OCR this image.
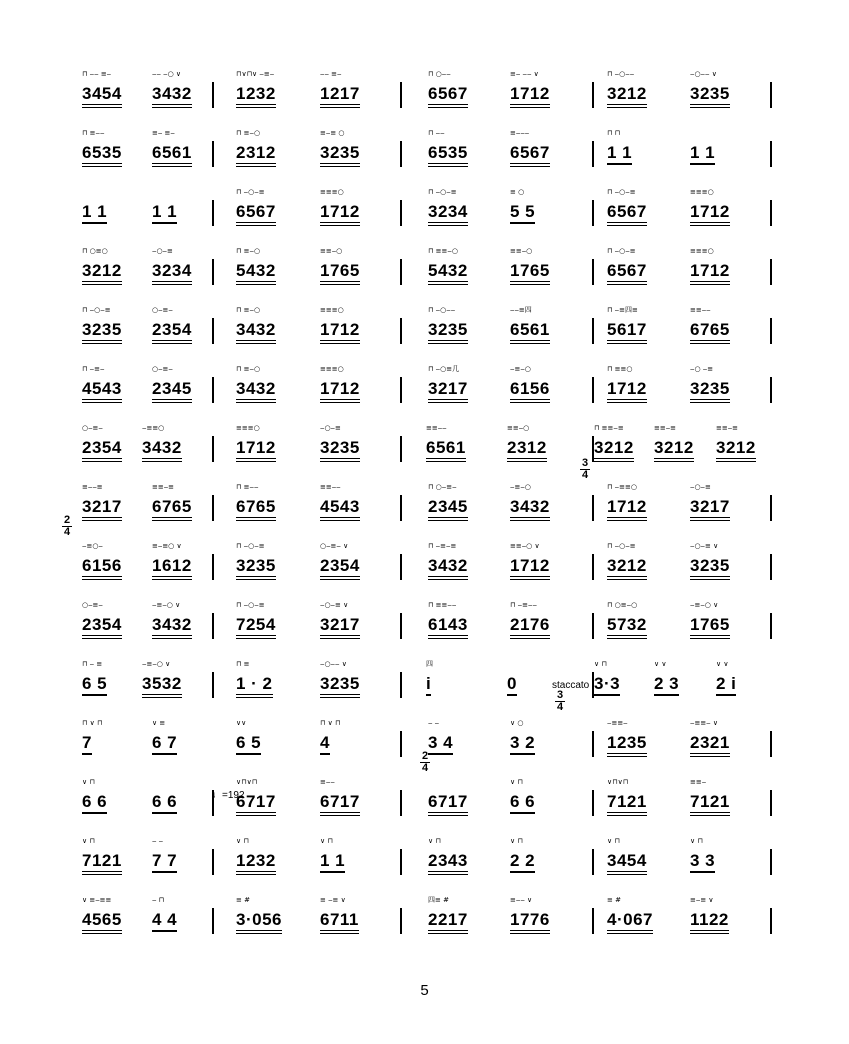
⊓ ‒‒ ≡‒
3454
‒‒ ‒○ ∨
3432
⊓∨⊓∨ ‒≡‒
1232
‒‒ ≡‒
1217
⊓ ○‒‒
6567
≡‒ ‒‒ ∨
1712
⊓ ‒○‒‒
3212
‒○‒‒ ∨
3235
⊓ ≡‒‒
6535
≡‒ ≡‒
6561
⊓ ≡‒○
2312
≡‒≡ ○
3235
⊓ ‒‒
6535
≡‒‒‒
6567
⊓ ⊓
1 1	1 1
1 1	1 1
⊓ ‒○‒≡
6567
≡≡≡○
1712
⊓ ‒○‒≡
3234
≡ ○
5 5
⊓ ‒○‒≡
6567
≡≡≡○
1712
⊓ ○≡○
3212
‒○‒≡
3234
⊓ ≡‒○
5432
≡≡‒○
1765
⊓ ≡≡‒○
5432
≡≡‒○
1765
⊓ ‒○‒≡
6567
≡≡≡○
1712
⊓ ‒○‒≡
3235
○‒≡‒
2354
⊓ ≡‒○
3432
≡≡≡○
1712
⊓ ‒○‒‒
3235
‒‒≡四
6561
⊓ ‒≡四≡
5617
≡≡‒‒
6765
⊓ ‒≡‒
4543
○‒≡‒
2345
⊓ ≡‒○
3432
≡≡≡○
1712
⊓ ‒○≡几
3217
‒≡‒○
6156
⊓ ≡≡○
1712
‒○ ‒≡
3235
○‒≡‒
2354
‒≡≡○
3432
≡≡≡○
1712
‒○‒≡
3235
≡≡‒‒
6561
≡≡‒○
2312
⊓ ≡≡‒≡
3212
≡≡‒≡
3212
≡≡‒≡
3212
≡‒‒≡
3217
≡≡‒≡
6765
⊓ ≡‒‒
6765
≡≡‒‒
4543
⊓ ○‒≡‒
2345
‒≡‒○
3432
⊓ ‒≡≡○
1712
‒○‒≡
3217
‒≡○‒
6156
≡‒≡○ ∨
1612
⊓ ‒○‒≡
3235
○‒≡‒ ∨
2354
⊓ ‒≡‒≡
3432
≡≡‒○ ∨
1712
⊓ ‒○‒≡
3212
‒○‒≡ ∨
3235
○‒≡‒
2354
‒≡‒○ ∨
3432
⊓ ‒○‒≡
7254
‒○‒≡ ∨
3217
⊓ ≡≡‒‒
6143
⊓ ‒≡‒‒
2176
⊓ ○≡‒○
5732
‒≡‒○ ∨
1765
⊓ ‒ ≡
6 5
‒≡‒○ ∨
3532
⊓ ≡
1 · 2
‒○‒‒ ∨
3235
四
i	0
∨ ⊓
3·3
∨ ∨
2 3
∨ ∨
2 i
⊓ ∨ ⊓
7
∨ ≡
6 7
∨∨
6 5
⊓ ∨ ⊓
4
‒ ‒
3 4
∨ ○
3 2
‒≡≡‒
1235
‒≡≡‒ ∨
2321
∨ ⊓
6 6	6 6
∨⊓∨⊓
6717
≡‒‒
6717	6717
∨ ⊓
6 6
∨⊓∨⊓
7121
≡≡‒
7121
∨ ⊓
7121
‒ ‒
7 7
∨ ⊓
1232
∨ ⊓
1 1
∨ ⊓
2343
∨ ⊓
2 2
∨ ⊓
3454
∨ ⊓
3 3
∨ ≡‒≡≡
4565
‒ ⊓
4 4
≡ #
3·056
≡ ‒≡ ∨
6711
四≡ #
2217
≡‒‒ ∨
1776
≡ #
4·067
≡‒≡ ∨
1122
3
4
2
4
3
4
2
4
staccato
♩=192
5
